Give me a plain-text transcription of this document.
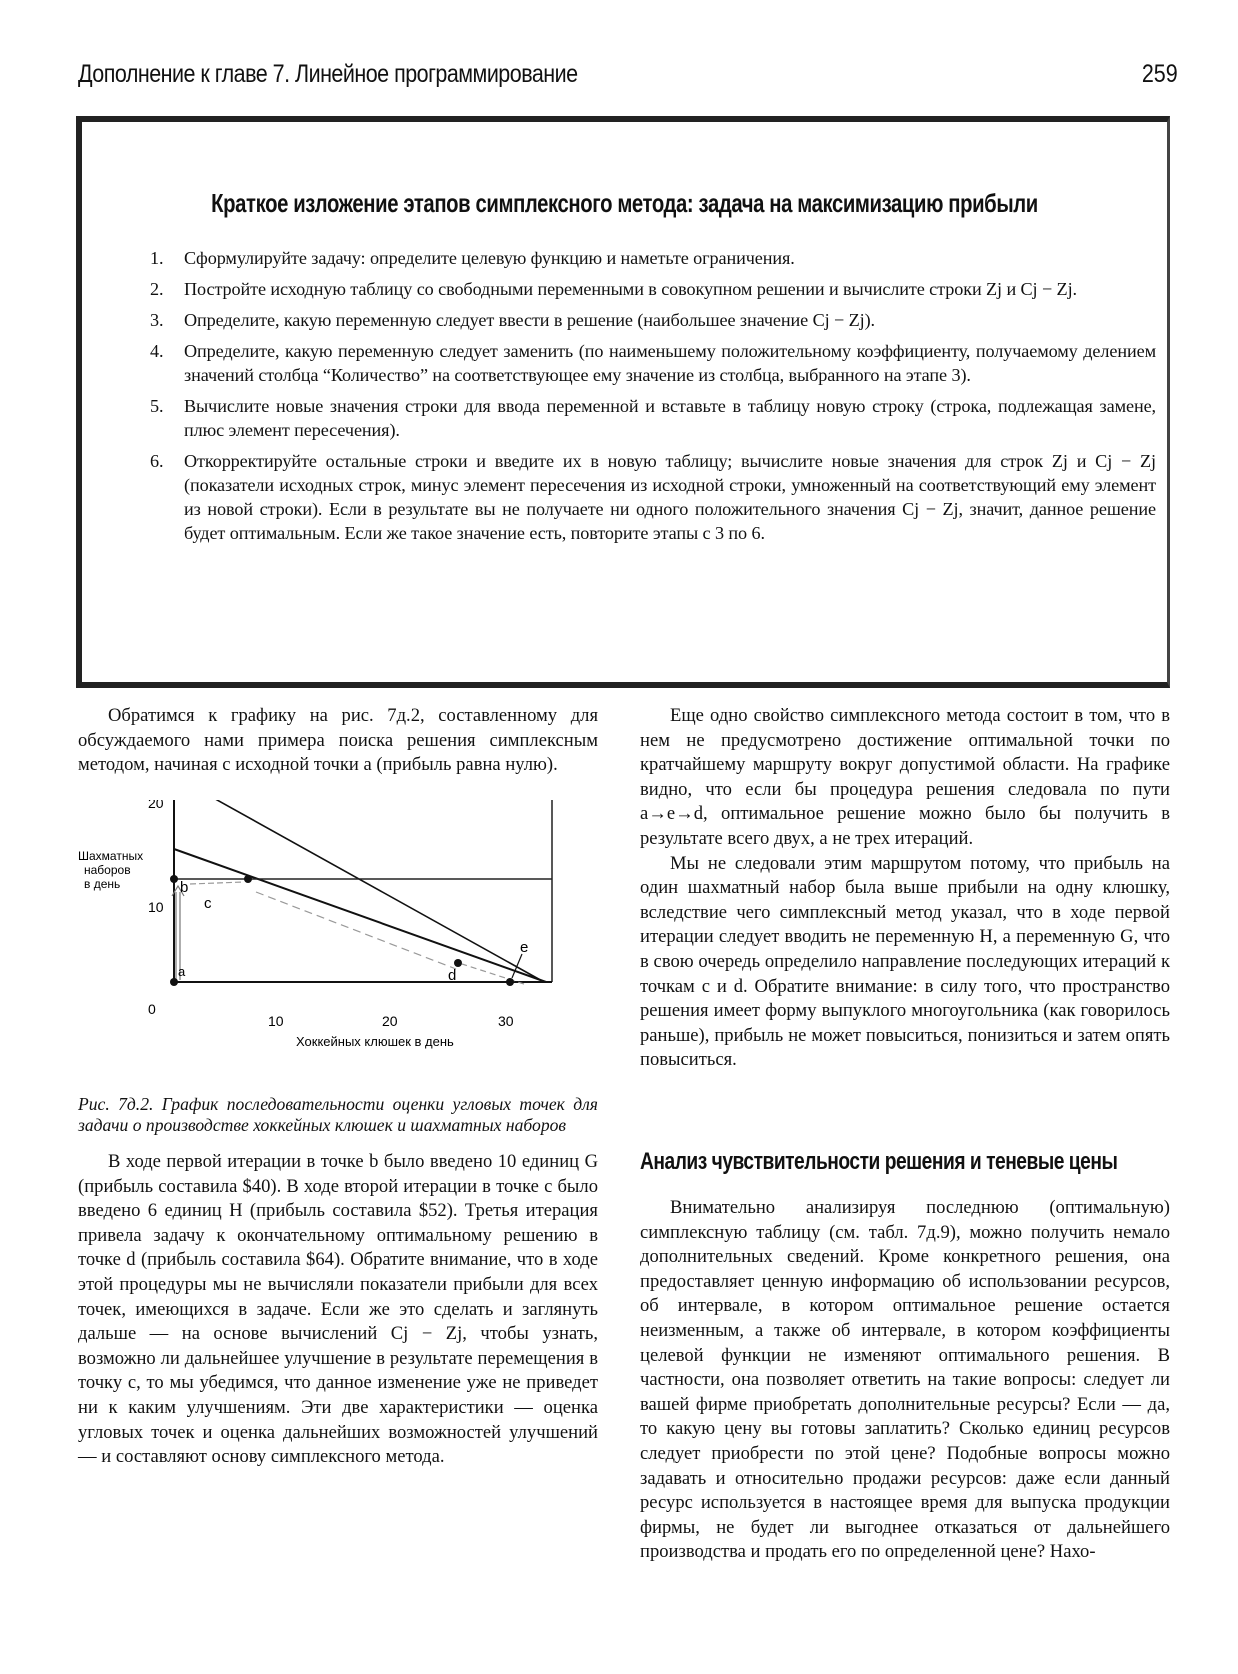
Дополнение к главе 7. Линейное программирование	259
Краткое изложение этапов симплексного метода: задача на максимизацию прибыли
1. Сформулируйте задачу: определите целевую функцию и наметьте ограничения.
2. Постройте исходную таблицу со свободными переменными в совокупном решении и вычислите строки Zj и Cj − Zj.
3. Определите, какую переменную следует ввести в решение (наибольшее значение Cj − Zj).
4. Определите, какую переменную следует заменить (по наименьшему положительному коэффициенту, получаемому делением значений столбца “Количество” на соответствующее ему значение из столбца, выбранного на этапе 3).
5. Вычислите новые значения строки для ввода переменной и вставьте в таблицу новую строку (строка, подлежащая замене, плюс элемент пересечения).
6. Откорректируйте остальные строки и введите их в новую таблицу; вычислите новые значения для строк Zj и Cj − Zj (показатели исходных строк, минус элемент пересечения из исходной строки, умноженный на соответствующий ему элемент из новой строки). Если в результате вы не получаете ни одного положительного значения Cj − Zj, значит, данное решение будет оптимальным. Если же такое значение есть, повторите этапы с 3 по 6.

Обратимся к графику на рис. 7д.2, составленному для обсуждаемого нами примера поиска решения симплексным методом, начиная с исходной точки a (прибыль равна нулю).

20
10
0
10	20	30
Хоккейных клюшек в день
Шахматных
наборов
в день
a
b
c
d
e
Рис. 7д.2. График последовательности оценки угловых точек для задачи о производстве хоккейных клюшек и шахматных наборов

В ходе первой итерации в точке b было введено 10 единиц G (прибыль составила $40). В ходе второй итерации в точке c было введено 6 единиц H (прибыль составила $52). Третья итерация привела задачу к окончательному оптимальному решению в точке d (прибыль составила $64). Обратите внимание, что в ходе этой процедуры мы не вычисляли показатели прибыли для всех точек, имеющихся в задаче. Если же это сделать и заглянуть дальше — на основе вычислений Cj − Zj, чтобы узнать, возможно ли дальнейшее улучшение в результате перемещения в точку c, то мы убедимся, что данное изменение уже не приведет ни к каким улучшениям. Эти две характеристики — оценка угловых точек и оценка дальнейших возможностей улучшений — и составляют основу симплексного метода.

Еще одно свойство симплексного метода состоит в том, что в нем не предусмотрено достижение оптимальной точки по кратчайшему маршруту вокруг допустимой области. На графике видно, что если бы процедура решения следовала по пути a→e→d, оптимальное решение можно было бы получить в результате всего двух, а не трех итераций.

Мы не следовали этим маршрутом потому, что прибыль на один шахматный набор была выше прибыли на одну клюшку, вследствие чего симплексный метод указал, что в ходе первой итерации следует вводить не переменную H, а переменную G, что в свою очередь определило направление последующих итераций к точкам c и d. Обратите внимание: в силу того, что пространство решения имеет форму выпуклого многоугольника (как говорилось раньше), прибыль не может повыситься, понизиться и затем опять повыситься.

Анализ чувствительности решения и теневые цены

Внимательно анализируя последнюю (оптимальную) симплексную таблицу (см. табл. 7д.9), можно получить немало дополнительных сведений. Кроме конкретного решения, она предоставляет ценную информацию об использовании ресурсов, об интервале, в котором оптимальное решение остается неизменным, а также об интервале, в котором коэффициенты целевой функции не изменяют оптимального решения. В частности, она позволяет ответить на такие вопросы: следует ли вашей фирме приобретать дополнительные ресурсы? Если — да, то какую цену вы готовы заплатить? Сколько единиц ресурсов следует приобрести по этой цене? Подобные вопросы можно задавать и относительно продажи ресурсов: даже если данный ресурс используется в настоящее время для выпуска продукции фирмы, не будет ли выгоднее отказаться от дальнейшего производства и продать его по определенной цене? Нахо-
